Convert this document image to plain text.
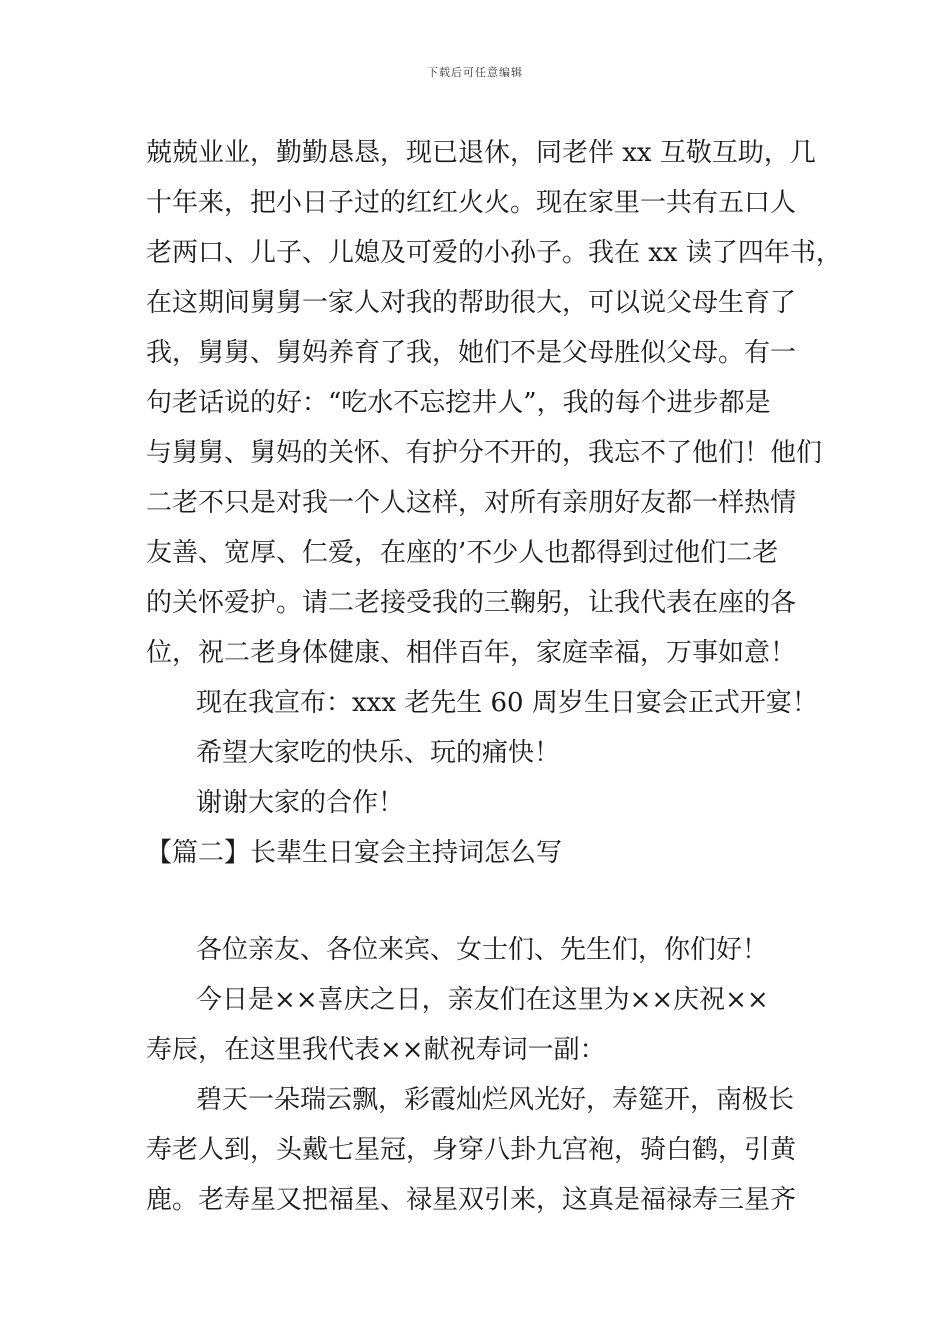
下载后可任意编辑
兢兢业业，勤勤恳恳，现已退休，同老伴 xx 互敬互助，几
十年来，把小日子过的红红火火。现在家里一共有五口人
老两口、儿子、儿媳及可爱的小孙子。我在 xx 读了四年书，
在这期间舅舅一家人对我的帮助很大，可以说父母生育了
我，舅舅、舅妈养育了我，她们不是父母胜似父母。有一
句老话说的好：“吃水不忘挖井人”，我的每个进步都是
与舅舅、舅妈的关怀、有护分不开的，我忘不了他们！他们
二老不只是对我一个人这样，对所有亲朋好友都一样热情
友善、宽厚、仁爱，在座的’不少人也都得到过他们二老
的关怀爱护。请二老接受我的三鞠躬，让我代表在座的各
位，祝二老身体健康、相伴百年，家庭幸福，万事如意！
现在我宣布：xxx 老先生 60 周岁生日宴会正式开宴！
希望大家吃的快乐、玩的痛快！
谢谢大家的合作！
【篇二】长辈生日宴会主持词怎么写
各位亲友、各位来宾、女士们、先生们，你们好！
今日是××喜庆之日，亲友们在这里为××庆祝××
寿辰，在这里我代表××献祝寿词一副：
碧天一朵瑞云飘，彩霞灿烂风光好，寿筵开，南极长
寿老人到，头戴七星冠，身穿八卦九宫袍，骑白鹤，引黄
鹿。老寿星又把福星、禄星双引来，这真是福禄寿三星齐
